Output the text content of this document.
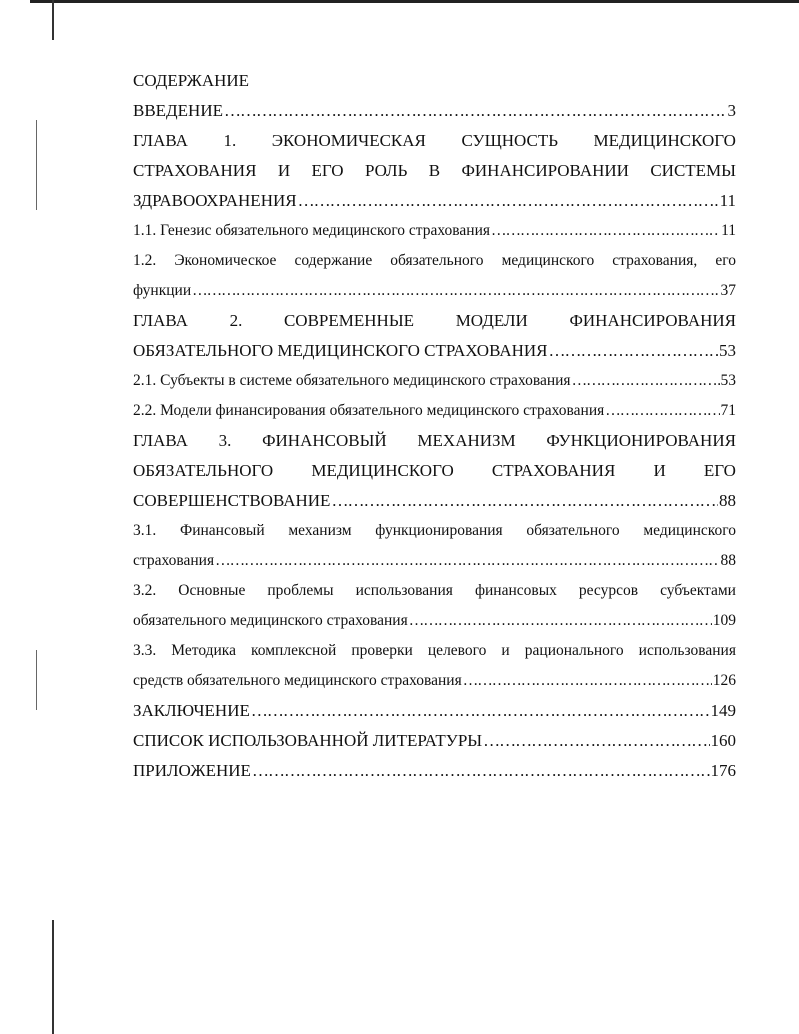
СОДЕРЖАНИЕ
ВВЕДЕНИЕ ………………………………………………………………………………………………………………………………………………………………………………………………	3
ГЛАВА 1. ЭКОНОМИЧЕСКАЯ СУЩНОСТЬ МЕДИЦИНСКОГО
СТРАХОВАНИЯ И ЕГО РОЛЬ В ФИНАНСИРОВАНИИ СИСТЕМЫ
ЗДРАВООХРАНЕНИЯ ………………………………………………………………………………………………………………………………………………………………………………………………	11
1.1. Генезис обязательного медицинского страхования ………………………………………………………………………………………………………………………………………………………………………………………………	11
1.2. Экономическое содержание обязательного медицинского страхования, его
функции ………………………………………………………………………………………………………………………………………………………………………………………………	37
ГЛАВА 2. СОВРЕМЕННЫЕ МОДЕЛИ ФИНАНСИРОВАНИЯ
ОБЯЗАТЕЛЬНОГО МЕДИЦИНСКОГО СТРАХОВАНИЯ ………………………………………………………………………………………………………………………………………………………………………………………………	53
2.1. Субъекты в системе обязательного медицинского страхования ………………………………………………………………………………………………………………………………………………………………………………………………	53
2.2. Модели финансирования обязательного медицинского страхования ………………………………………………………………………………………………………………………………………………………………………………………………	71
ГЛАВА 3. ФИНАНСОВЫЙ МЕХАНИЗМ ФУНКЦИОНИРОВАНИЯ
ОБЯЗАТЕЛЬНОГО МЕДИЦИНСКОГО СТРАХОВАНИЯ И ЕГО
СОВЕРШЕНСТВОВАНИЕ ………………………………………………………………………………………………………………………………………………………………………………………………	88
3.1. Финансовый механизм функционирования обязательного медицинского
страхования ………………………………………………………………………………………………………………………………………………………………………………………………	88
3.2. Основные проблемы использования финансовых ресурсов субъектами
обязательного медицинского страхования ………………………………………………………………………………………………………………………………………………………………………………………………	109
3.3. Методика комплексной проверки целевого и рационального использования
средств обязательного медицинского страхования ………………………………………………………………………………………………………………………………………………………………………………………………	126
ЗАКЛЮЧЕНИЕ ………………………………………………………………………………………………………………………………………………………………………………………………	149
СПИСОК ИСПОЛЬЗОВАННОЙ ЛИТЕРАТУРЫ ………………………………………………………………………………………………………………………………………………………………………………………………	160
ПРИЛОЖЕНИЕ ………………………………………………………………………………………………………………………………………………………………………………………………	176
